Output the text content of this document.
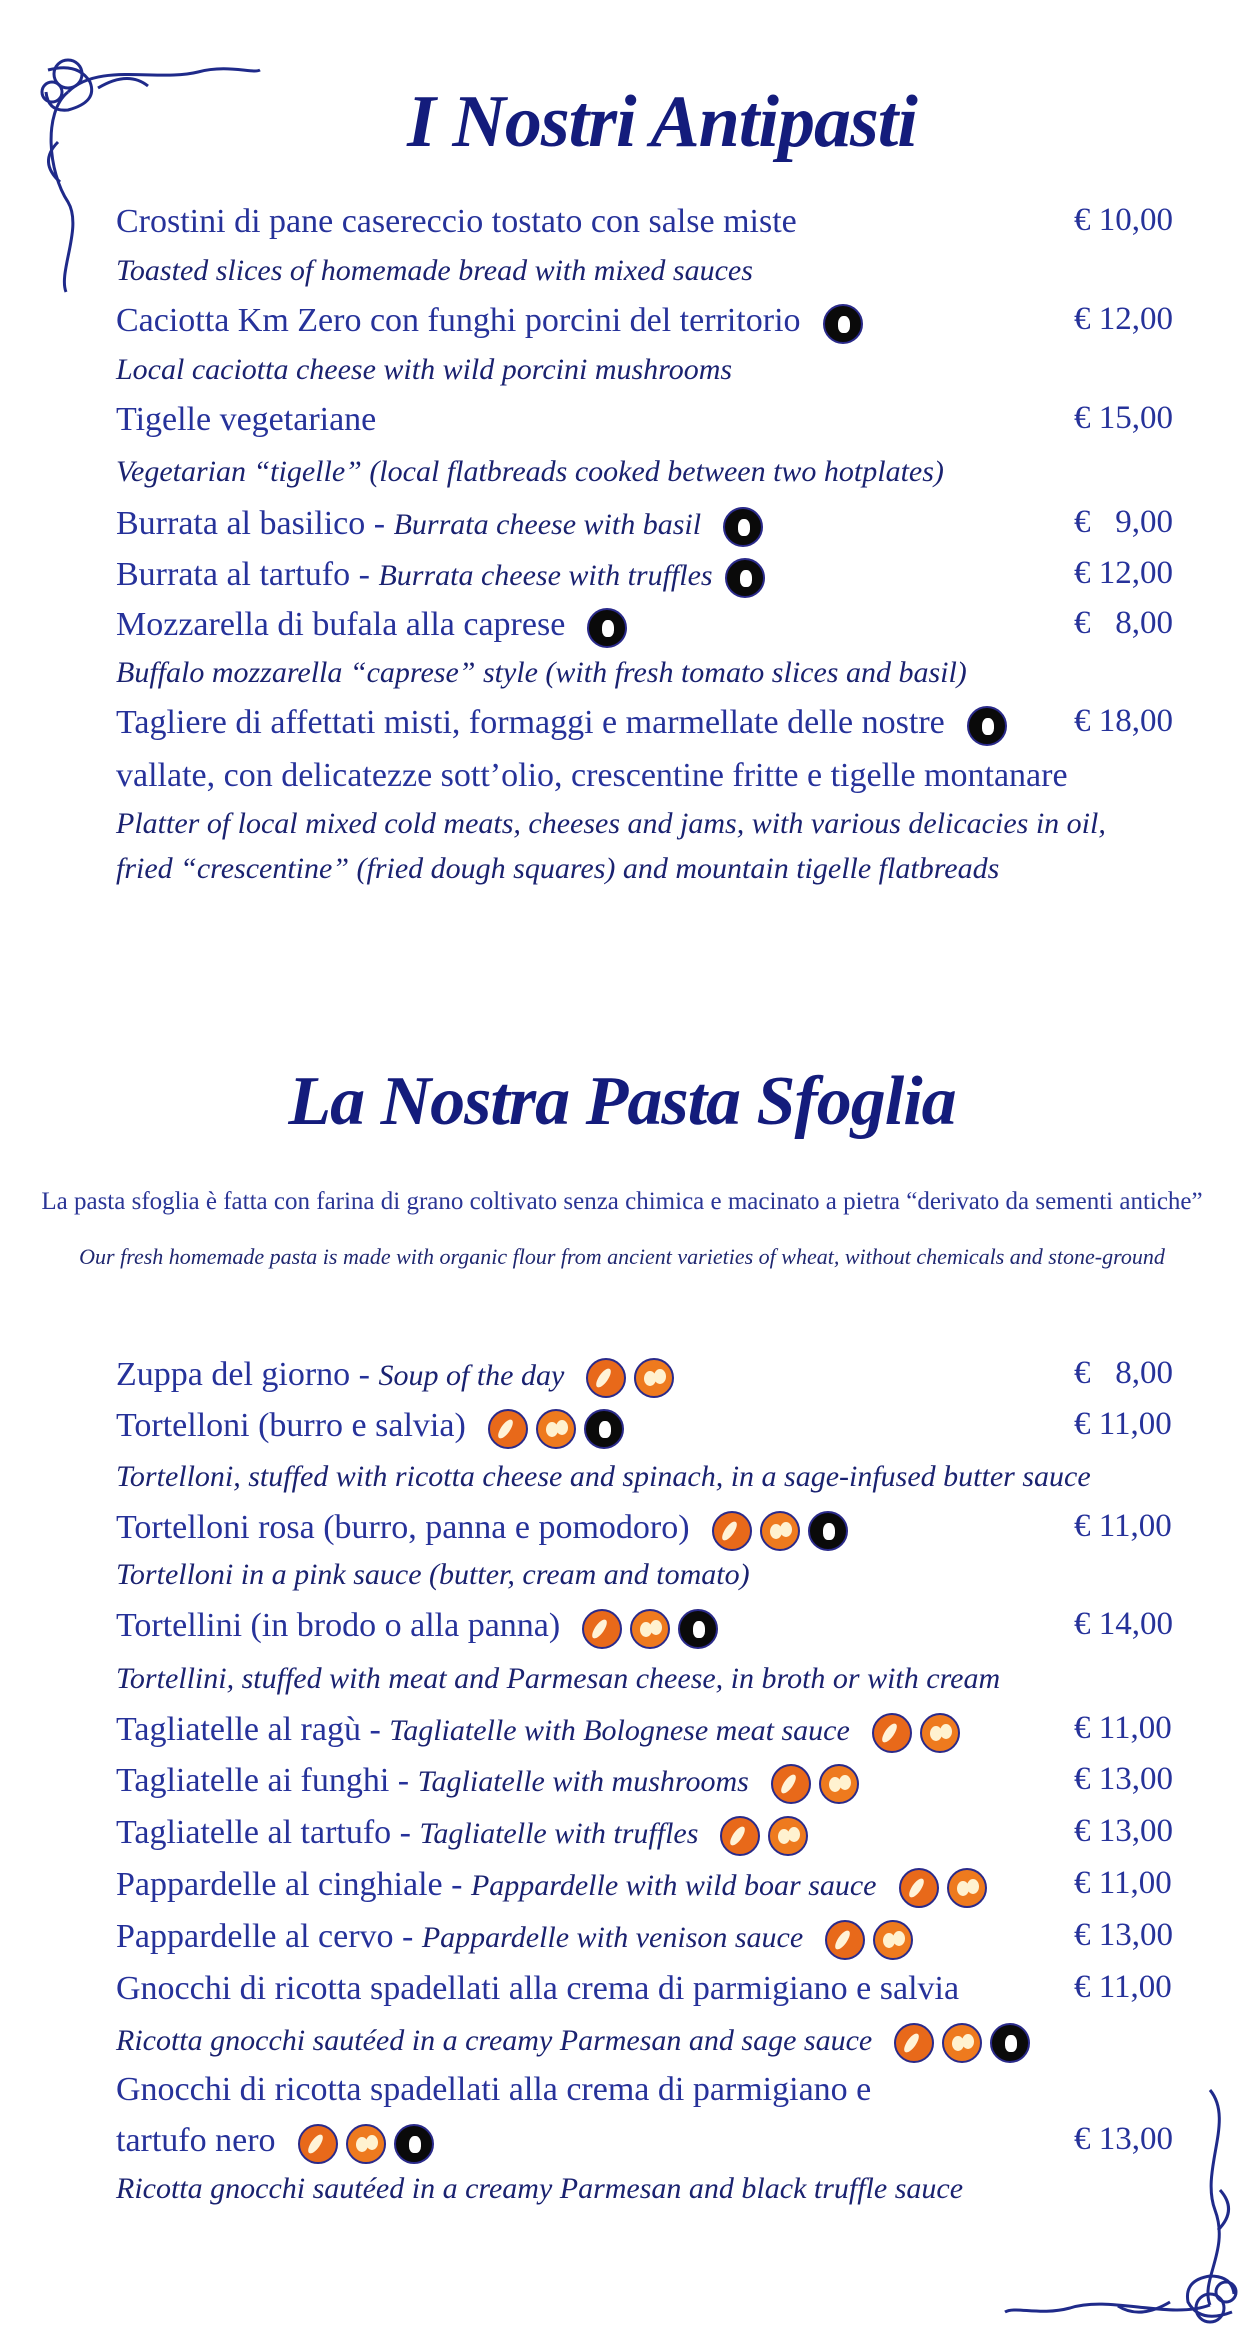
I Nostri Antipasti
Crostini di pane casereccio tostato con salse miste	€ 10,00
Toasted slices of homemade bread with mixed sauces
Caciotta Km Zero con funghi porcini del territorio	€ 12,00
Local caciotta cheese with wild porcini mushrooms
Tigelle vegetariane	€ 15,00
Vegetarian “tigelle” (local flatbreads cooked between two hotplates)
Burrata al basilico - Burrata cheese with basil	€   9,00
Burrata al tartufo - Burrata cheese with truffles	€ 12,00
Mozzarella di bufala alla caprese	€   8,00
Buffalo mozzarella “caprese” style (with fresh tomato slices and basil)
Tagliere di affettati misti, formaggi e marmellate delle nostre	€ 18,00
vallate, con delicatezze sott’olio, crescentine fritte e tigelle montanare
Platter of local mixed cold meats, cheeses and jams, with various delicacies in oil,
fried “crescentine” (fried dough squares) and mountain tigelle flatbreads
La Nostra Pasta Sfoglia
La pasta sfoglia è fatta con farina di grano coltivato senza chimica e macinato a pietra “derivato da sementi antiche”
Our fresh homemade pasta is made with organic flour from ancient varieties of wheat, without chemicals and stone-ground
Zuppa del giorno - Soup of the day	€   8,00
Tortelloni (burro e salvia)	€ 11,00
Tortelloni, stuffed with ricotta cheese and spinach, in a sage-infused butter sauce
Tortelloni rosa (burro, panna e pomodoro)	€ 11,00
Tortelloni in a pink sauce (butter, cream and tomato)
Tortellini (in brodo o alla panna)	€ 14,00
Tortellini, stuffed with meat and Parmesan cheese, in broth or with cream
Tagliatelle al ragù - Tagliatelle with Bolognese meat sauce	€ 11,00
Tagliatelle ai funghi - Tagliatelle with mushrooms	€ 13,00
Tagliatelle al tartufo - Tagliatelle with truffles	€ 13,00
Pappardelle al cinghiale - Pappardelle with wild boar sauce	€ 11,00
Pappardelle al cervo - Pappardelle with venison sauce	€ 13,00
Gnocchi di ricotta spadellati alla crema di parmigiano e salvia	€ 11,00
Ricotta gnocchi sautéed in a creamy Parmesan and sage sauce
Gnocchi di ricotta spadellati alla crema di parmigiano e
tartufo nero	€ 13,00
Ricotta gnocchi sautéed in a creamy Parmesan and black truffle sauce
